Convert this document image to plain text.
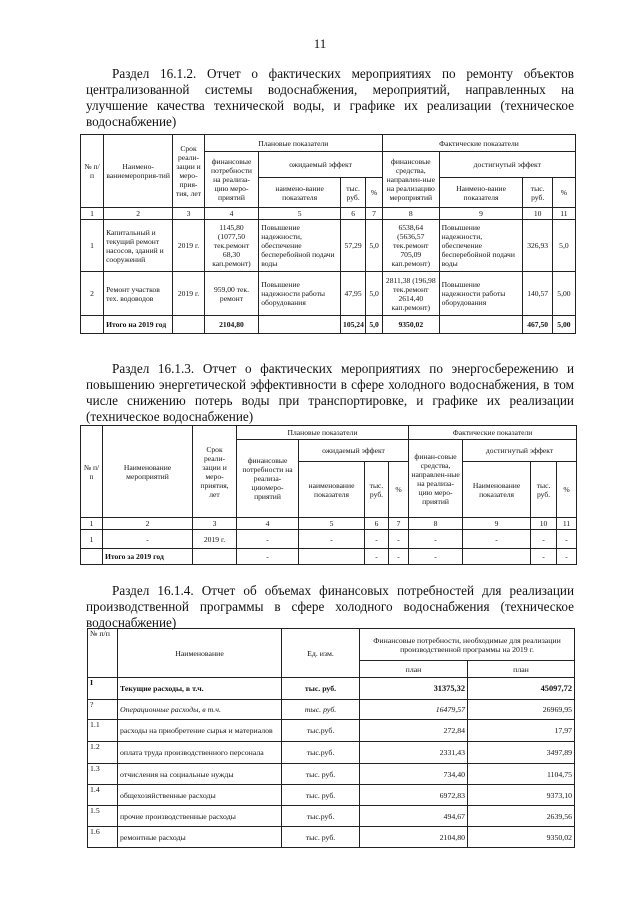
11

Раздел 16.1.2. Отчет о фактических мероприятиях по ремонту объектов централизованной системы водоснабжения, мероприятий, направленных на улучшение качества технической воды, и графике их реализации (техническое водоснабжение)

№ п/п	Наимено-ваниемероприя-тий	Срок реали-зации и меро-прия-тия, лет	Плановые показатели				Фактические показатели			
			финансовые потребности на реализа-цию меро-приятий	ожидаемый эффект			финансовые средства, направлен-ные на реализацию мероприятий	достигнутый эффект		
				наимено-вание показателя	тыс. руб.	%		Наимено-вание показателя	тыс. руб.	%
1	2	3	4	5	6	7	8	9	10	11
1	Капитальный и текущий ремонт насосов, зданий и сооружений	2019 г.	1145,80 (1077,50 тек.ремонт 68,30 кап.ремонт)	Повышение надежности, обеспечение бесперебойной подачи воды	57,29	5,0	6538,64 (5636,57 тек.ремонт 705,09 кап.ремонт)	Повышение надежности, обеспечение бесперебойной подачи воды	326,93	5,0
2	Ремонт участков тех. водоводов	2019 г.	959,00 тек. ремонт	Повышение надежности работы оборудования	47,95	5,0	2811,38 (196,98 тек.ремонт 2614,40 кап.ремонт)	Повышение надежности работы оборудования	140,57	5,00
	Итого на 2019 год		2104,80		105,24	5,0	9350,02		467,50	5,00

Раздел 16.1.3. Отчет о фактических мероприятиях по энергосбережению и повышению энергетической эффективности в сфере холодного водоснабжения, в том числе снижению потерь воды при транспортировке, и графике их реализации (техническое водоснабжение)

№ п/п	Наименование мероприятий	Срок реали-зации и меро-приятия, лет	Плановые показатели				Фактические показатели			
			финансовые потребности на реализа-циюмеро-приятий	ожидаемый эффект			финан-совые средства, направлен-ные на реализа-цию меро-приятий	достигнутый эффект		
				наименование показателя	тыс. руб.	%		Наименование показателя	тыс. руб.	%
1	2	3	4	5	6	7	8	9	10	11
1	-	2019 г.	-	-	-	-	-	-	-	-
	Итого за 2019 год		-		-	-	-		-	-

Раздел 16.1.4. Отчет об объемах финансовых потребностей для реализации производственной программы в сфере холодного водоснабжения (техническое водоснабжение)

№ п/п	Наименование	Ед. изм.	Финансовые потребности, необходимые для реализации производственной программы на 2019 г.	
			план	план
I	Текущие расходы, в т.ч.	тыс. руб.	31375,32	45097,72
?	Операционные расходы, в т.ч.	тыс. руб.	16479,57	26969,95
1.1	расходы на приобретение сырья и материалов	тыс.руб.	272,84	17,97
1.2	оплата труда производственного персонала	тыс.руб.	2331,43	3497,89
1.3	отчисления на социальные нужды	тыс. руб.	734,40	1104,75
1.4	общехозяйственные расходы	тыс. руб.	6972,83	9373,10
1.5	прочие производственные расходы	тыс.руб.	494,67	2639,56
1.6	ремонтные расходы	тыс. руб.	2104,80	9350,02
